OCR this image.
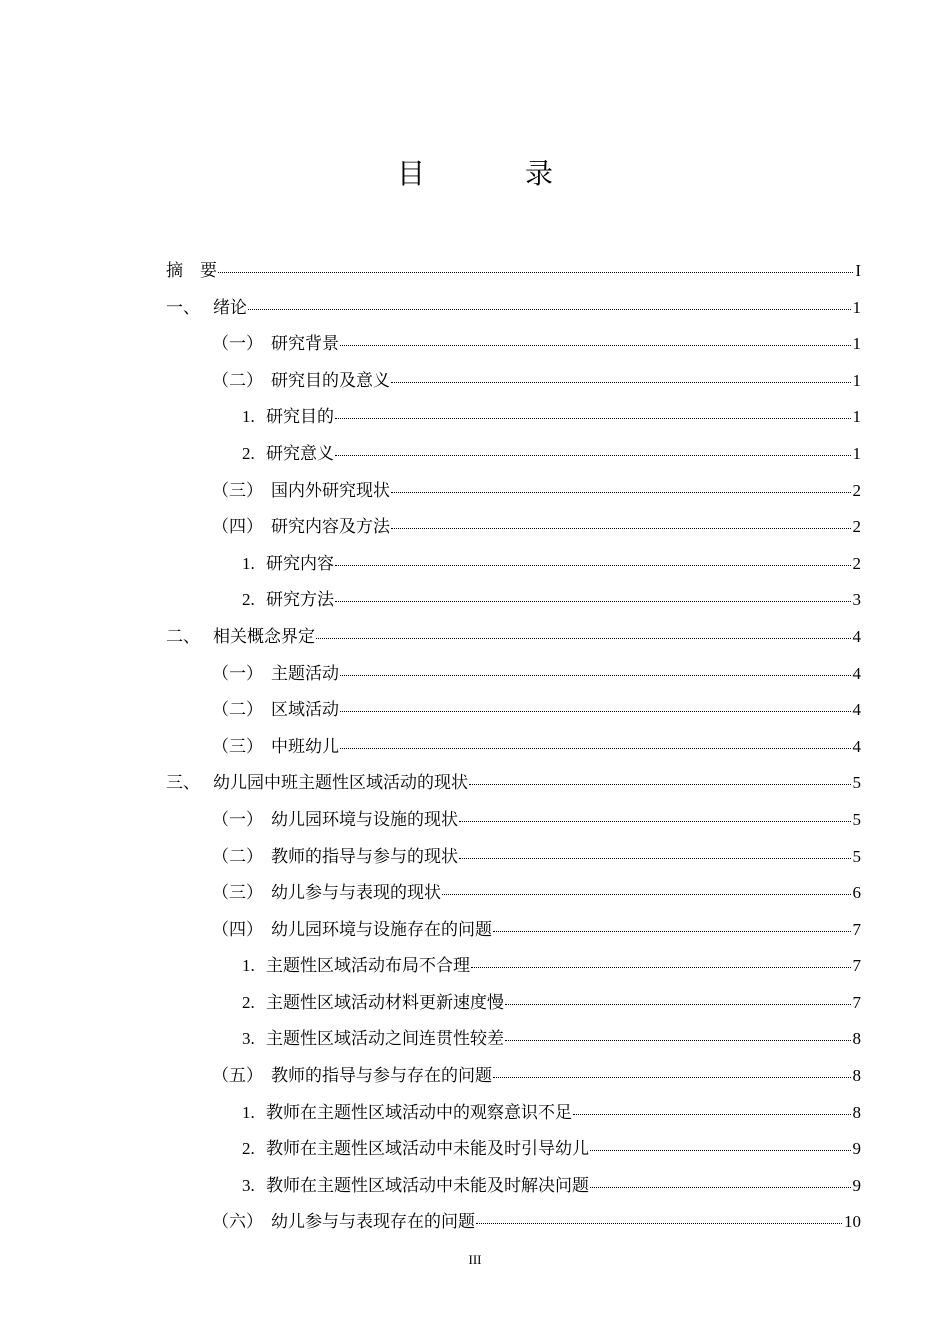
目　录
摘　要	I
一、 绪论	1
（一） 研究背景	1
（二） 研究目的及意义	1
1. 研究目的	1
2. 研究意义	1
（三） 国内外研究现状	2
（四） 研究内容及方法	2
1. 研究内容	2
2. 研究方法	3
二、 相关概念界定	4
（一） 主题活动	4
（二） 区域活动	4
（三） 中班幼儿	4
三、 幼儿园中班主题性区域活动的现状	5
（一） 幼儿园环境与设施的现状	5
（二） 教师的指导与参与的现状	5
（三） 幼儿参与与表现的现状	6
（四） 幼儿园环境与设施存在的问题	7
1. 主题性区域活动布局不合理	7
2. 主题性区域活动材料更新速度慢	7
3. 主题性区域活动之间连贯性较差	8
（五） 教师的指导与参与存在的问题	8
1. 教师在主题性区域活动中的观察意识不足	8
2. 教师在主题性区域活动中未能及时引导幼儿	9
3. 教师在主题性区域活动中未能及时解决问题	9
（六） 幼儿参与与表现存在的问题	10
III
